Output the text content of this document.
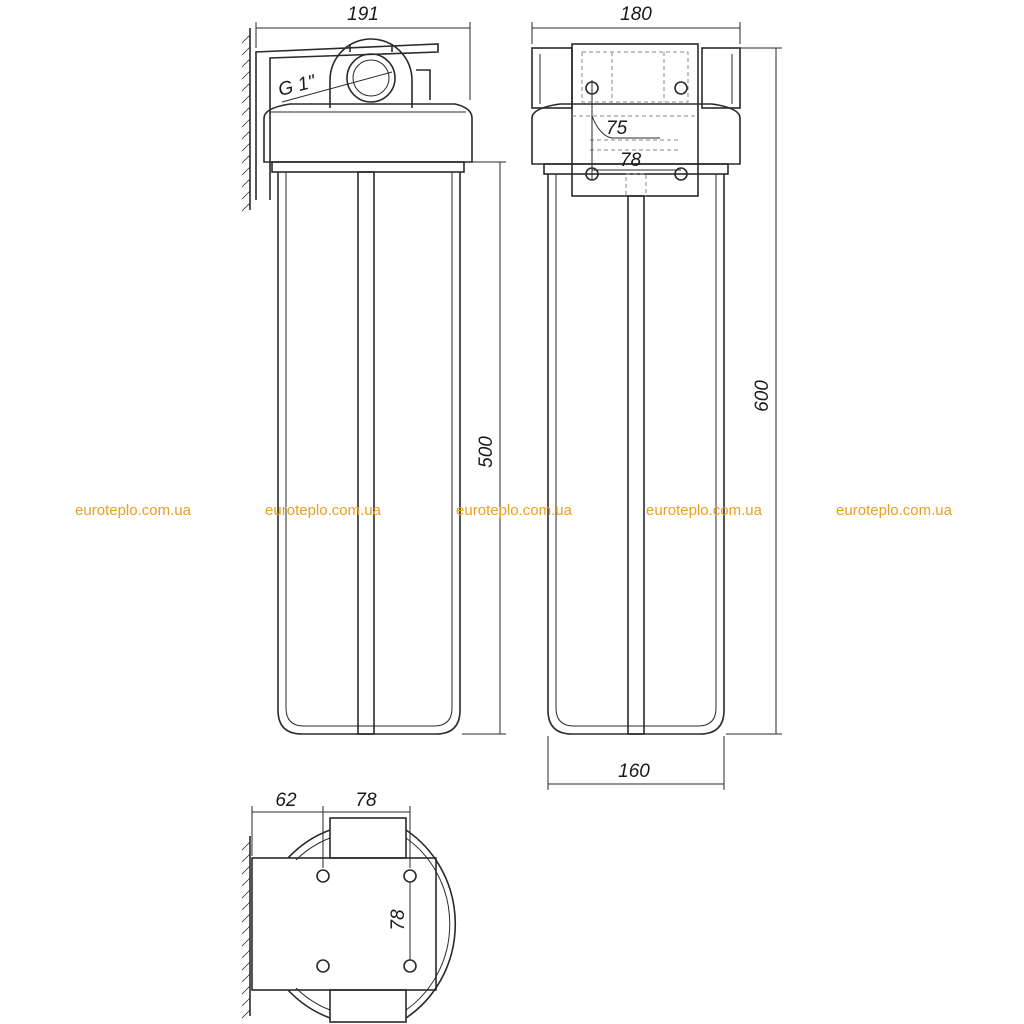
191
G 1"
500
180
75
78
600
160
62	78
78
euroteplo.com.ua	euroteplo.com.ua	euroteplo.com.ua	euroteplo.com.ua	euroteplo.com.ua
